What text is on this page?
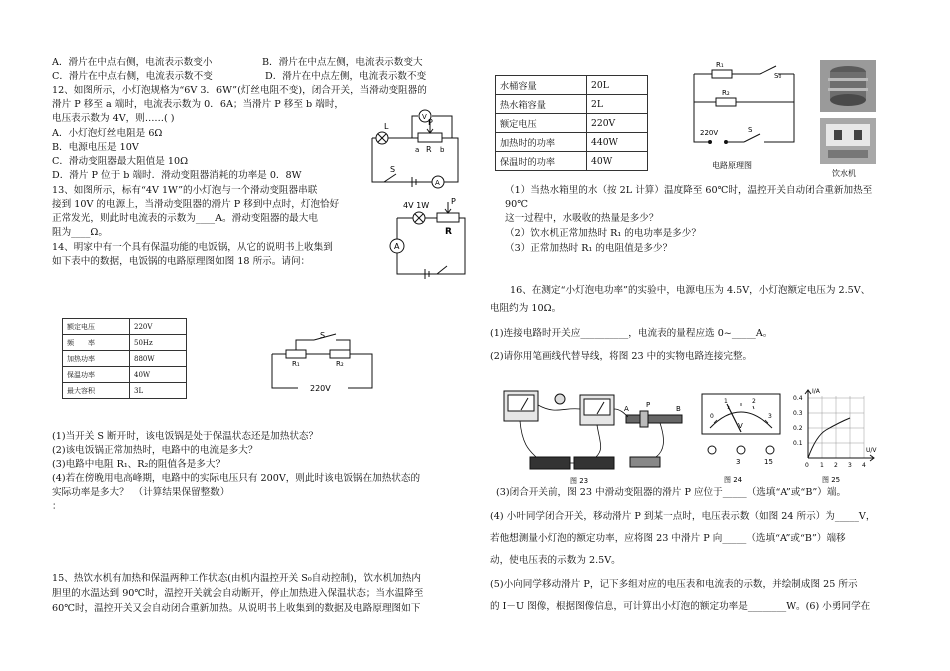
A．滑片在中点右侧，电流表示数变小	B．滑片在中点左侧，电流表示数变大
C．滑片在中点右侧，电流表示数不变	D．滑片在中点左侧，电流表示数不变
12、如图所示，小灯泡规格为“6V 3．6W”(灯丝电阻不变)，闭合开关，当滑动变阻器的
滑片 P 移至 a 端时，电流表示数为 0．6A；当滑片 P 移至 b 端时，
电压表示数为 4V，则……( )
A．小灯泡灯丝电阻是 6Ω
B．电源电压是 10V
C．滑动变阻器最大阻值是 10Ω
D．滑片 P 位于 b 端时．滑动变阻器消耗的功率是 0．8W
13、如图所示，标有“4V 1W”的小灯泡与一个滑动变阻器串联
接到 10V 的电源上，当滑动变阻器的滑片 P 移到中点时，灯泡恰好
正常发光，则此时电流表的示数为____A。滑动变阻器的最大电
阻为____Ω。
14、明家中有一个具有保温功能的电饭锅，从它的说明书上收集到
如下表中的数据，电饭锅的电路原理图如图 18 所示。请问：
L	P
a	b
R
V
A
S
4V 1W	P
R
A
额定电压	220V
频　　率	50Hz
加热功率	880W
保温功率	40W
最大容积	3L
S
R₁	R₂
220V
(1)当开关 S 断开时，该电饭锅是处于保温状态还是加热状态？
(2)该电饭锅正常加热时，电路中的电流是多大？
(3)电路中电阻 R₁、R₂的阻值各是多大？
(4)若在傍晚用电高峰期，电路中的实际电压只有 200V，则此时该电饭锅在加热状态的
实际功率是多大？　（计算结果保留整数）
：
15、热饮水机有加热和保温两种工作状态(由机内温控开关 S₀自动控制)，饮水机加热内
胆里的水温达到 90℃时，温控开关就会自动断开，停止加热进入保温状态；当水温降至
60℃时，温控开关又会自动闭合重新加热。从说明书上收集到的数据及电路原理图如下
水桶容量	20L
热水箱容量	2L
额定电压	220V
加热时的功率	440W
保温时的功率	40W
R₁
S₀
R₂
220V	S
电路原理图
饮水机
（1）当热水箱里的水（按 2L 计算）温度降至 60℃时，温控开关自动闭合重新加热至
90℃
这一过程中，水吸收的热量是多少？
（2）饮水机正常加热时 R₁ 的电功率是多少？
（3）正常加热时 R₁ 的电阻值是多少？
16、在测定“小灯泡电功率”的实验中，电源电压为 4.5V，小灯泡额定电压为 2.5V、
电阻约为 10Ω。
(1)连接电路时开关应__________，电流表的量程应选 0~_____A。
(2)请你用笔画线代替导线，将图 23 中的实物电路连接完整。
A	B
P
图 23
0
1	2
3
V
3	15
图 24
I/A
U/V
0.4
0.3
0.2
0.1
0 1 2 3 4
图 25
(3)闭合开关前，图 23 中滑动变阻器的滑片 P 应位于_____（选填“A”或“B”）端。
(4) 小叶同学闭合开关，移动滑片 P 到某一点时，电压表示数（如图 24 所示）为_____V，
若他想测量小灯泡的额定功率，应将图 23 中滑片 P 向_____（选填“A”或“B”）端移
动，使电压表的示数为 2.5V。
(5)小向同学移动滑片 P，记下多组对应的电压表和电流表的示数，并绘制成图 25 所示
的 I－U 图像，根据图像信息，可计算出小灯泡的额定功率是________W。(6) 小勇同学在
